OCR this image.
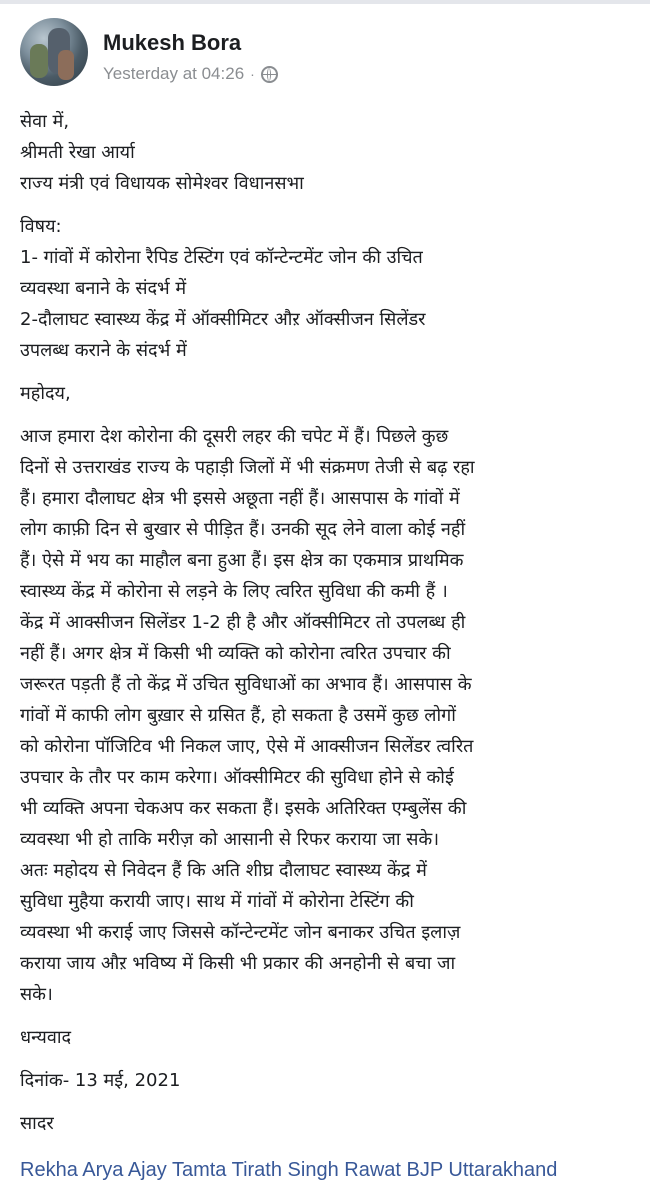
Mukesh Bora
Yesterday at 04:26 ·

सेवा में,

श्रीमती रेखा आर्या

राज्य मंत्री एवं विधायक सोमेश्वर विधानसभा

विषय:

1- गांवों में कोरोना रैपिड टेस्टिंग एवं कॉन्टेन्टमेंट जोन की उचित

व्यवस्था बनाने के संदर्भ में

2-दौलाघट स्वास्थ्य केंद्र में ऑक्सीमिटर औऱ ऑक्सीजन सिलेंडर

उपलब्ध कराने के संदर्भ में

महोदय,

आज हमारा देश कोरोना की दूसरी लहर की चपेट में हैं। पिछले कुछ

दिनों से उत्तराखंड राज्य के पहाड़ी जिलों में भी संक्रमण तेजी से बढ़ रहा

हैं। हमारा दौलाघट क्षेत्र भी इससे अछूता नहीं हैं। आसपास के गांवों में

लोग काफ़ी दिन से बुखार से पीड़ित हैं। उनकी सूद लेने वाला कोई नहीं

हैं। ऐसे में भय का माहौल बना हुआ हैं। इस क्षेत्र का एकमात्र प्राथमिक

स्वास्थ्य केंद्र में कोरोना से लड़ने के लिए त्वरित सुविधा की कमी हैं ।

केंद्र में आक्सीजन सिलेंडर 1-2 ही है और ऑक्सीमिटर तो उपलब्ध ही

नहीं हैं। अगर क्षेत्र में किसी भी व्यक्ति को कोरोना त्वरित उपचार की

जरूरत पड़ती हैं तो केंद्र में उचित सुविधाओं का अभाव हैं। आसपास के

गांवों में काफी लोग बुख़ार से ग्रसित हैं, हो सकता है उसमें कुछ लोगों

को कोरोना पॉजिटिव भी निकल जाए, ऐसे में आक्सीजन सिलेंडर त्वरित

उपचार के तौर पर काम करेगा। ऑक्सीमिटर की सुविधा होने से कोई

भी व्यक्ति अपना चेकअप कर सकता हैं। इसके अतिरिक्त एम्बुलेंस की

व्यवस्था भी हो ताकि मरीज़ को आसानी से रिफर कराया जा सके।

अतः महोदय से निवेदन हैं कि अति शीघ्र दौलाघट स्वास्थ्य केंद्र में

सुविधा मुहैया करायी जाए। साथ में गांवों में कोरोना टेस्टिंग की

व्यवस्था भी कराई जाए जिससे कॉन्टेन्टमेंट जोन बनाकर उचित इलाज़

कराया जाय औऱ भविष्य में किसी भी प्रकार की अनहोनी से बचा जा

सके।

धन्यवाद

दिनांक- 13 मई, 2021

सादर

Rekha Arya Ajay Tamta Tirath Singh Rawat BJP Uttarakhand
